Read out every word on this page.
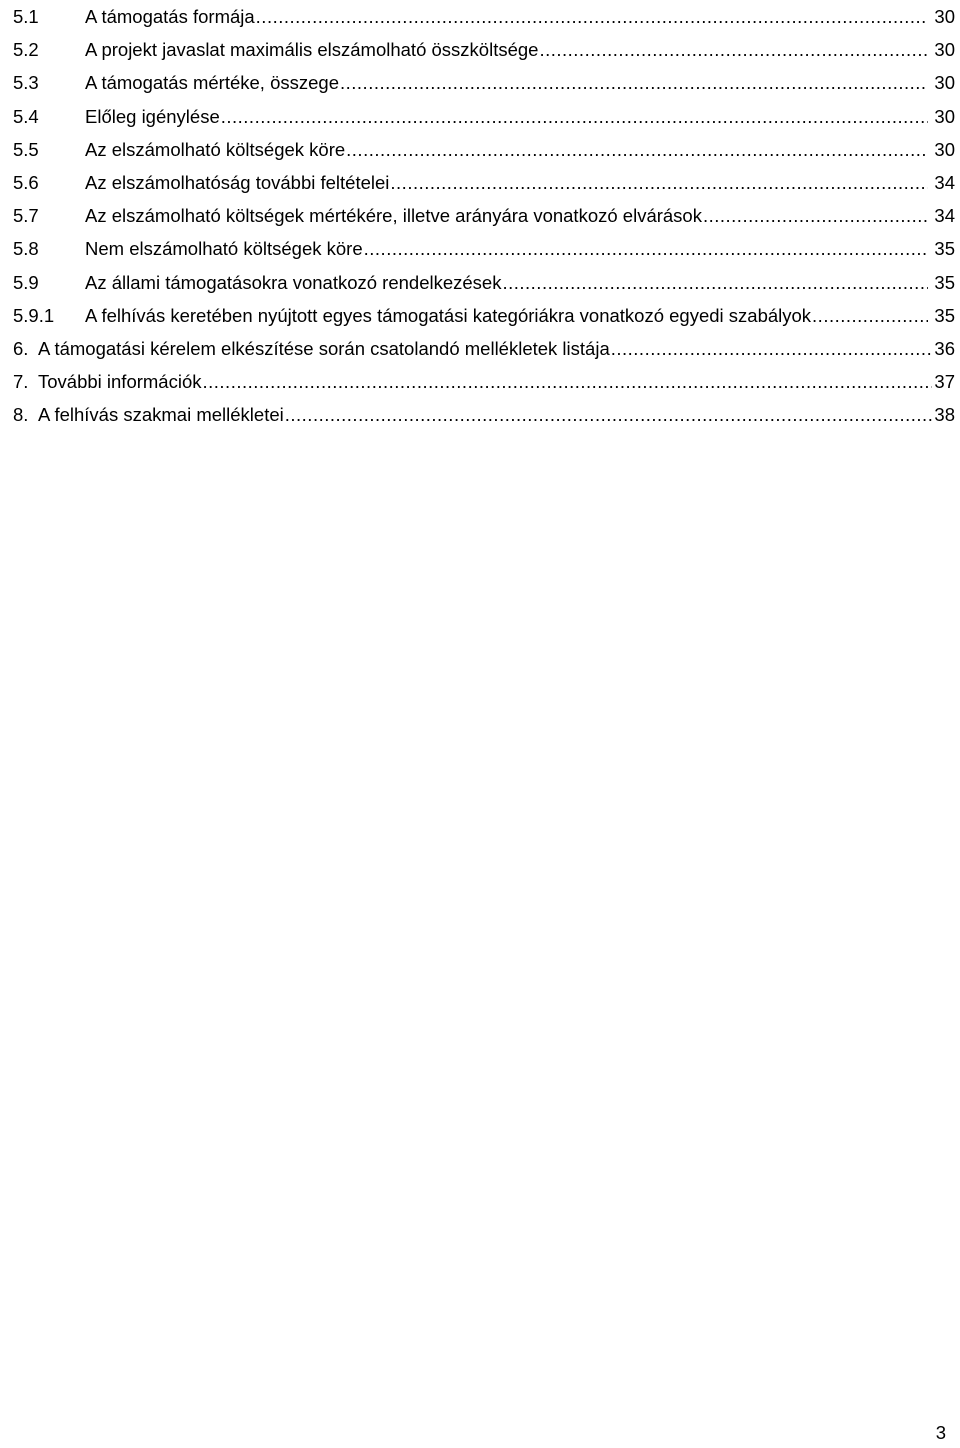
5.1	A támogatás formája .....	30
5.2	A projekt javaslat maximális elszámolható összköltsége .....	30
5.3	A támogatás mértéke, összege .....	30
5.4	Előleg igénylése .....	30
5.5	Az elszámolható költségek köre .....	30
5.6	Az elszámolhatóság további feltételei .....	34
5.7	Az elszámolható költségek mértékére, illetve arányára vonatkozó elvárások .....	34
5.8	Nem elszámolható költségek köre .....	35
5.9	Az állami támogatásokra vonatkozó rendelkezések .....	35
5.9.1	A felhívás keretében nyújtott egyes támogatási kategóriákra vonatkozó egyedi szabályok .....	35
6. A támogatási kérelem elkészítése során csatolandó mellékletek listája .....	36
7. További információk .....	37
8. A felhívás szakmai mellékletei .....	38
3
